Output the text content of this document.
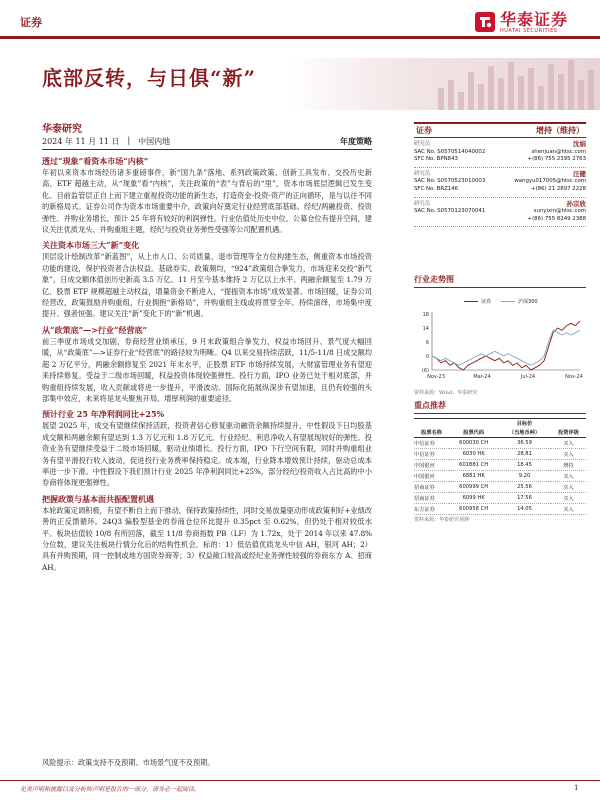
证券	华泰证券
HUATAI SECURITIES
底部反转，与日俱“新”
华泰研究
2024 年 11 月 11 日 | 中国内地	年度策略
透过“现象”看资本市场“内核”
年初以来资本市场经历诸多重磅事件，新“国九条”落地、系列政策政策、创新工具发布、交投历史新高、ETF 超越主动，从“现象”看“内核”，关注政策的“表”与背后的“里”，资本市场底层逻辑已发生变化。目前监管层正自上而下建立重视投资功能的新生态，打造资金-投资-资产的正向循环，是与以往不同的新格局式。证券公司作为资本市场重要中介，政策向好奠定行业经营底部基础。经纪/两融投资、投资弹性、并购业务增长，预计 25 年将有较好的利润弹性。行业估值处历史中位，公募仓位有提升空间，建议关注优质龙头、并购重组主题，经纪与投资业务弹性受强等公司配置机遇。
关注资本市场三大“新”变化
顶层设计绘制改革“新蓝图”，从上市入口、公司质量、退市管理等全方位构建生态，侧重资本市场投资功能的建设，保护投资者合法权益。基础券实、政策频均，“924”政策组合拳发力，市场迎来交投“新气象”，日成交额体值创历史新高 3.5 万亿、11 月至今基本维持 2 万亿以上水平、两融余额复至 1.79 万亿、股票 ETF 规模超越主动权益，增量资金不断进入，“提振资本市场”成效显著。市场回暖，证券公司经营改，政策鼓励并购重组，行业拥抱“新格局”，并购重组主线或将贯穿全年、持续演绎，市场集中度提升、强者恒强。建议关注“新”变化下的“新”机遇。
从“政策底”—>行业“经营底”
前三季度市场成交加剧，券商经营业绩承压，9 月末政策组合拳发力，权益市场回升、景气度大幅回暖，从“政策底”—>证券行业“经营底”的路径较为明晰。Q4 以来交易持续活跃，11/5-11/8 日成交额均超 2 万亿平分，两融余额修复至 2021 年末水平，正股票 ETF 市场持续发展，大财富管理业务有望迎来持续修复。受益于二级市场回暖，权益投资体现较强弹性。投行方面，IPO 业务已处于相对底部，并购重组持续发展，收入贡献或将进一步提升，平滑波动。国际化拓展纵深步有望加速，且仍有较强的头部集中效应，未来将是龙头聚焦开局、增厚利润的重要途径。
预计行业 25 年净利润同比+25%
展望 2025 年，成交有望继续保持活跃，投资者信心修复驱动融资余额持续提升，中性假设下日均股基成交额和两融余额有望达到 1.3 万亿元和 1.8 万亿元。行业经纪、利息净收入有望展现较好的弹性。投资业务有望继续受益于二级市场回暖，驱动业绩增长。投行方面，IPO 下行空间有限，同时并购重组业务有望平滑投行收入波动，促进投行业务费率保持稳定。成本端，行业降本增效预计持续，驱动总成本率进一步下滑。中性假设下我们预计行业 2025 年净利润同比+25%，部分经纪/投资收入占比高的中小券商将体现更强弹性。
把握政策与基本面共振配置机遇
本轮政策定调积极，有望不断自上而下推动，保持政策持续性，同时交易放量驱动形成政策利好+业绩改善的正反馈循环。24Q3 偏股型基金的券商仓位环比提升 0.35pct 至 0.62%，但仍处于相对较低水平。板块估值较 10/8 有所回落，截至 11/8 券商指数 PB（LF）为 1.72x，处于 2014 年以来 47.8% 分位数，建议关注板块行情分化后的结构性机会，标的：1）低估值优质龙头中信 AH，银河 AH；2）具有并购预期，同一控制或地方国资券商等；3）权益敞口较高或经纪业务弹性较强的券商东方 A、招商 AH。
风险提示：政策支持不及预期、市场景气度不及预期。
证券	增持（维持）
研究员	沈娟
SAC No. S0570514040002	shenjuan@htsc.com
SFC No. BPN843	+(86) 755 2395 2763
研究员	汪健
SAC No. S0570523010003	wangyu017005@htsc.com
SFC No. BRZ146	+(86) 21 2897 2228
研究员	孙宗欣
SAC No. S0570123070041	sunyixin@htsc.com
+(86) 755 8249 2388
行业走势图
证券	沪深300
(6)
0
6
14
18
Nov-23	Mar-24	Jul-24	Nov-24
资料来源：Wind，华泰研究
重点推荐
		目标价	
股票名称	股票代码	（当地币种）	投资评级
中信证券	600030 CH	36.59	买入
中信证券	6030 HK	28.81	买入
中国银河	601881 CH	18.45	增持
中国银河	6881 HK	9.20	买入
招商证券	600999 CH	25.56	买入
招商证券	6099 HK	17.56	买入
东方证券	600958 CH	14.05	买入
资料来源：华泰研究预测
免责声明和披露以及分析师声明是报告的一部分，请务必一起阅读。	1
